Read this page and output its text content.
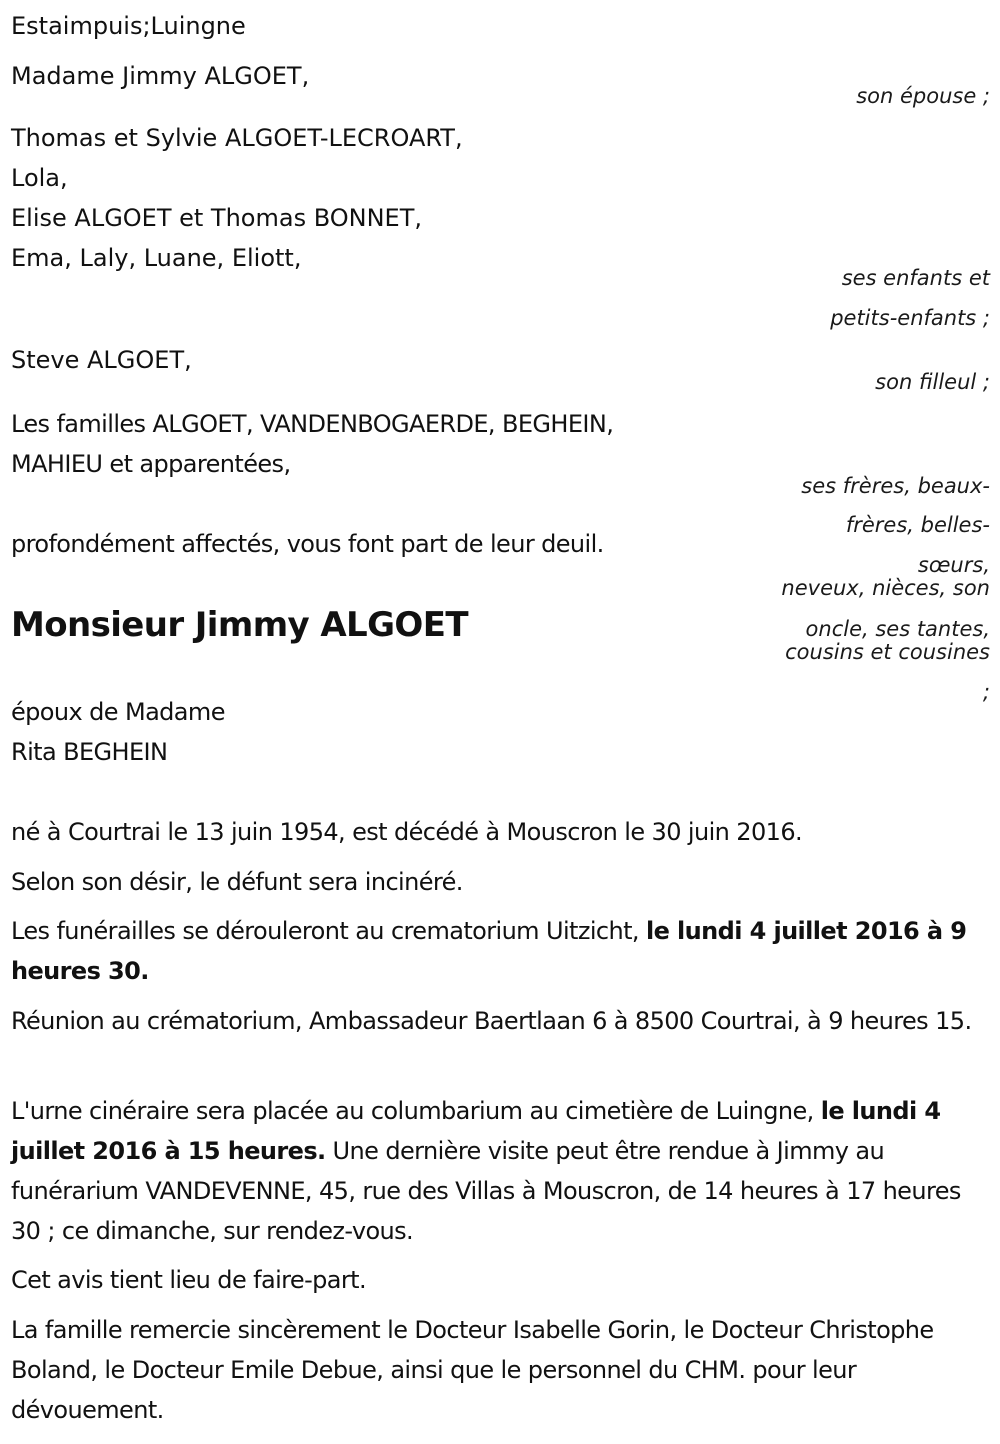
Estaimpuis;Luingne
Madame Jimmy ALGOET,
son épouse ;
Thomas et Sylvie ALGOET-LECROART,
Lola,
Elise ALGOET et Thomas BONNET,
Ema, Laly, Luane, Eliott,
ses enfants et
petits-enfants ;
Steve ALGOET,
son filleul ;
Les familles ALGOET, VANDENBOGAERDE, BEGHEIN,
MAHIEU et apparentées,
ses frères, beaux-
frères, belles-
sœurs,
neveux, nièces, son
oncle, ses tantes,
cousins et cousines
;
profondément affectés, vous font part de leur deuil.
Monsieur Jimmy ALGOET
époux de Madame
Rita BEGHEIN
né à Courtrai le 13 juin 1954, est décédé à Mouscron le 30 juin 2016.
Selon son désir, le défunt sera incinéré.
Les funérailles se dérouleront au crematorium Uitzicht, le lundi 4 juillet 2016 à 9 heures 30.
Réunion au crématorium, Ambassadeur Baertlaan 6 à 8500 Courtrai, à 9 heures 15.
L'urne cinéraire sera placée au columbarium au cimetière de Luingne, le lundi 4 juillet 2016 à 15 heures. Une dernière visite peut être rendue à Jimmy au funérarium VANDEVENNE, 45, rue des Villas à Mouscron, de 14 heures à 17 heures 30 ; ce dimanche, sur rendez-vous.
Cet avis tient lieu de faire-part.
La famille remercie sincèrement le Docteur Isabelle Gorin, le Docteur Christophe Boland, le Docteur Emile Debue, ainsi que le personnel du CHM. pour leur dévouement.
